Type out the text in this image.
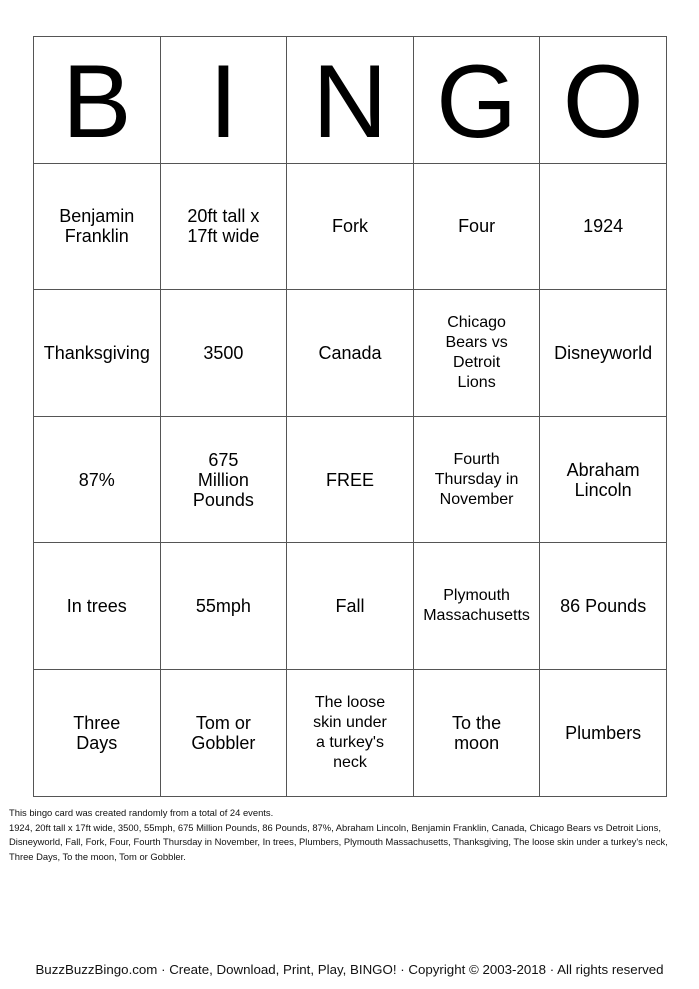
B	I	N	G	O
Benjamin Franklin	20ft tall x 17ft wide	Fork	Four	1924
Thanksgiving	3500	Canada	Chicago Bears vs Detroit Lions	Disneyworld
87%	675 Million Pounds	FREE	Fourth Thursday in November	Abraham Lincoln
In trees	55mph	Fall	Plymouth Massachusetts	86 Pounds
Three Days	Tom or Gobbler	The loose skin under a turkey's neck	To the moon	Plumbers
This bingo card was created randomly from a total of 24 events.
1924, 20ft tall x 17ft wide, 3500, 55mph, 675 Million Pounds, 86 Pounds, 87%, Abraham Lincoln, Benjamin Franklin, Canada, Chicago Bears vs Detroit Lions, Disneyworld, Fall, Fork, Four, Fourth Thursday in November, In trees, Plumbers, Plymouth Massachusetts, Thanksgiving, The loose skin under a turkey's neck, Three Days, To the moon, Tom or Gobbler.
BuzzBuzzBingo.com · Create, Download, Print, Play, BINGO! · Copyright © 2003-2018 · All rights reserved
